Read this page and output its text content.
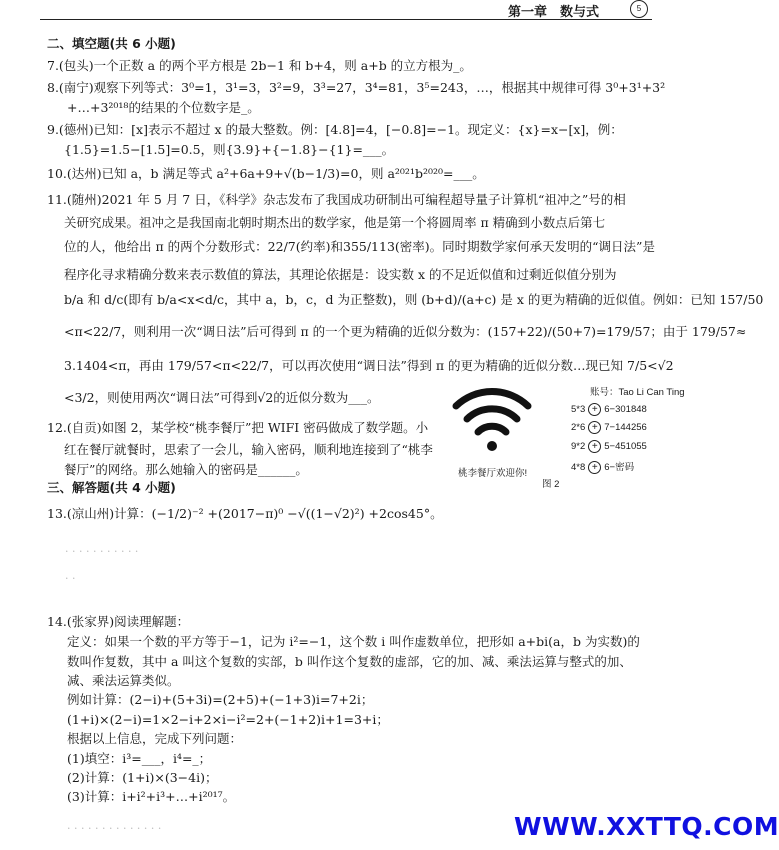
第一章　数与式	5
二、填空题(共 6 小题)
7.(包头)一个正数 a 的两个平方根是 2b−1 和 b+4，则 a+b 的立方根为_。
8.(南宁)观察下列等式：3⁰=1，3¹=3，3²=9，3³=27，3⁴=81，3⁵=243，…，根据其中规律可得 3⁰+3¹+3²
+…+3²⁰¹⁸的结果的个位数字是_。
9.(德州)已知：[x]表示不超过 x 的最大整数。例：[4.8]=4，[−0.8]=−1。现定义：{x}=x−[x]，例：
{1.5}=1.5−[1.5]=0.5，则{3.9}+{−1.8}−{1}=___。
10.(达州)已知 a，b 满足等式 a²+6a+9+√(b−1/3)=0，则 a²⁰²¹b²⁰²⁰=___。
11.(随州)2021 年 5 月 7 日，《科学》杂志发布了我国成功研制出可编程超导量子计算机“祖冲之”号的相
关研究成果。祖冲之是我国南北朝时期杰出的数学家，他是第一个将圆周率 π 精确到小数点后第七
位的人，他给出 π 的两个分数形式：22/7(约率)和355/113(密率)。同时期数学家何承天发明的“调日法”是
程序化寻求精确分数来表示数值的算法，其理论依据是：设实数 x 的不足近似值和过剩近似值分别为
b/a 和 d/c(即有 b/a<x<d/c，其中 a，b，c，d 为正整数)，则 (b+d)/(a+c) 是 x 的更为精确的近似值。例如：已知 157/50
<π<22/7，则利用一次“调日法”后可得到 π 的一个更为精确的近似分数为：(157+22)/(50+7)=179/57；由于 179/57≈
3.1404<π，再由 179/57<π<22/7，可以再次使用“调日法”得到 π 的更为精确的近似分数…现已知 7/5<√2
<3/2，则使用两次“调日法”可得到√2的近似分数为___。
12.(自贡)如图 2，某学校“桃李餐厅”把 WIFI 密码做成了数学题。小
红在餐厅就餐时，思索了一会儿，输入密码，顺利地连接到了“桃李
餐厅”的网络。那么她输入的密码是______。
账号：Tao Li Can Ting
5*3 + 6−301848
2*6 + 7−144256
9*2 + 5−451055
4*8 + 6−密码
桃李餐厅欢迎你!
图 2
三、解答题(共 4 小题)
13.(凉山州)计算：(−1/2)⁻² +(2017−π)⁰ −√((1−√2)²) +2cos45°。
· · · · · · · · · · ·
· ·
14.(张家界)阅读理解题：
定义：如果一个数的平方等于−1，记为 i²=−1，这个数 i 叫作虚数单位，把形如 a+bi(a，b 为实数)的
数叫作复数，其中 a 叫这个复数的实部，b 叫作这个复数的虚部，它的加、减、乘法运算与整式的加、
减、乘法运算类似。
例如计算：(2−i)+(5+3i)=(2+5)+(−1+3)i=7+2i；
(1+i)×(2−i)=1×2−i+2×i−i²=2+(−1+2)i+1=3+i；
根据以上信息，完成下列问题：
(1)填空：i³=___，i⁴=_；
(2)计算：(1+i)×(3−4i)；
(3)计算：i+i²+i³+…+i²⁰¹⁷。
· · · · · · · · · · · · · ·	WWW.XXTTQ.COM
